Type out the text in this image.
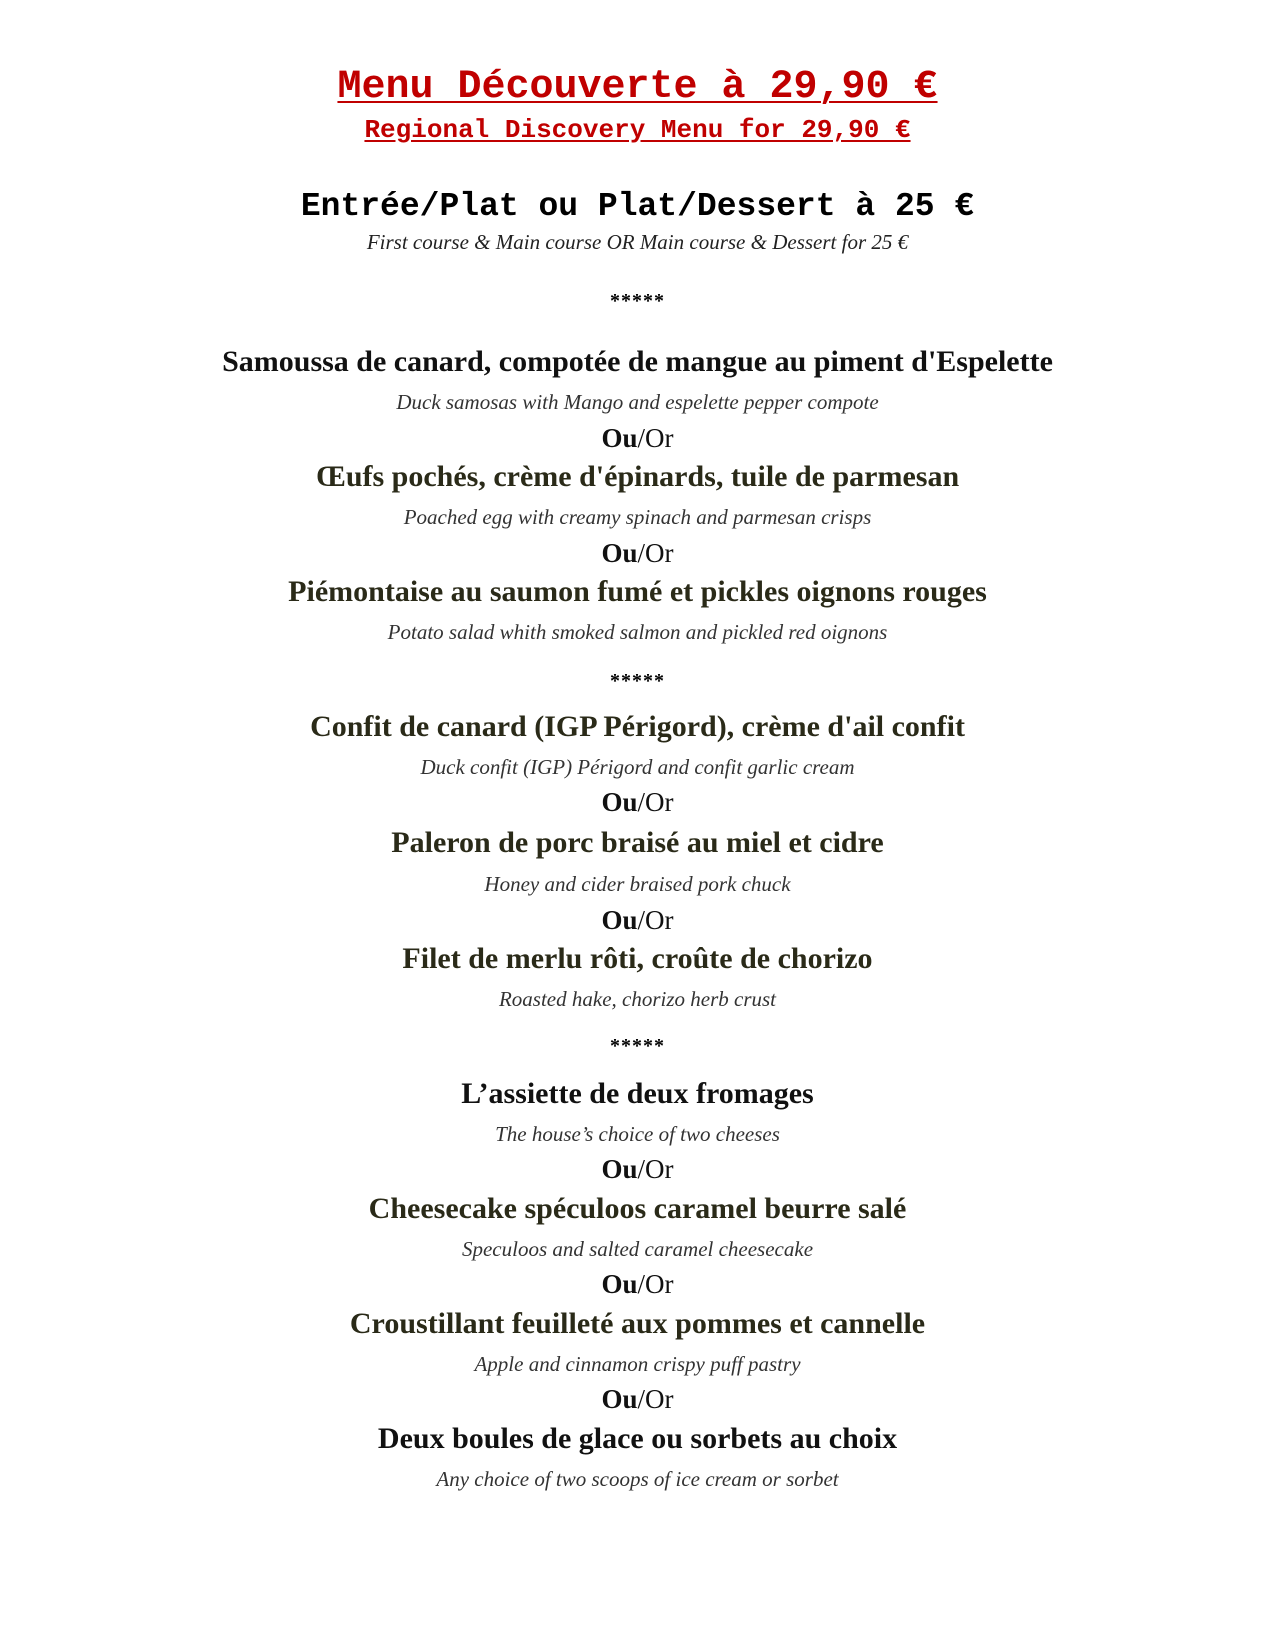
Menu Découverte à 29,90 €

Regional Discovery Menu for 29,90 €

Entrée/Plat ou Plat/Dessert à 25 €

First course & Main course OR Main course & Dessert for 25 €

*****

Samoussa de canard, compotée de mangue au piment d'Espelette

Duck samosas with Mango and espelette pepper compote

Ou/Or

Œufs pochés, crème d'épinards, tuile de parmesan

Poached egg with creamy spinach and parmesan crisps

Ou/Or

Piémontaise au saumon fumé et pickles oignons rouges

Potato salad whith smoked salmon and pickled red oignons

*****

Confit de canard (IGP Périgord), crème d'ail confit

Duck confit (IGP) Périgord and confit garlic cream

Ou/Or

Paleron de porc braisé au miel et cidre

Honey and cider braised pork chuck

Ou/Or

Filet de merlu rôti, croûte de chorizo

Roasted hake, chorizo herb crust

*****

L’assiette de deux fromages

The house’s choice of two cheeses

Ou/Or

Cheesecake spéculoos caramel beurre salé

Speculoos and salted caramel cheesecake

Ou/Or

Croustillant feuilleté aux pommes et cannelle

Apple and cinnamon crispy puff pastry

Ou/Or

Deux boules de glace ou sorbets au choix

Any choice of two scoops of ice cream or sorbet
